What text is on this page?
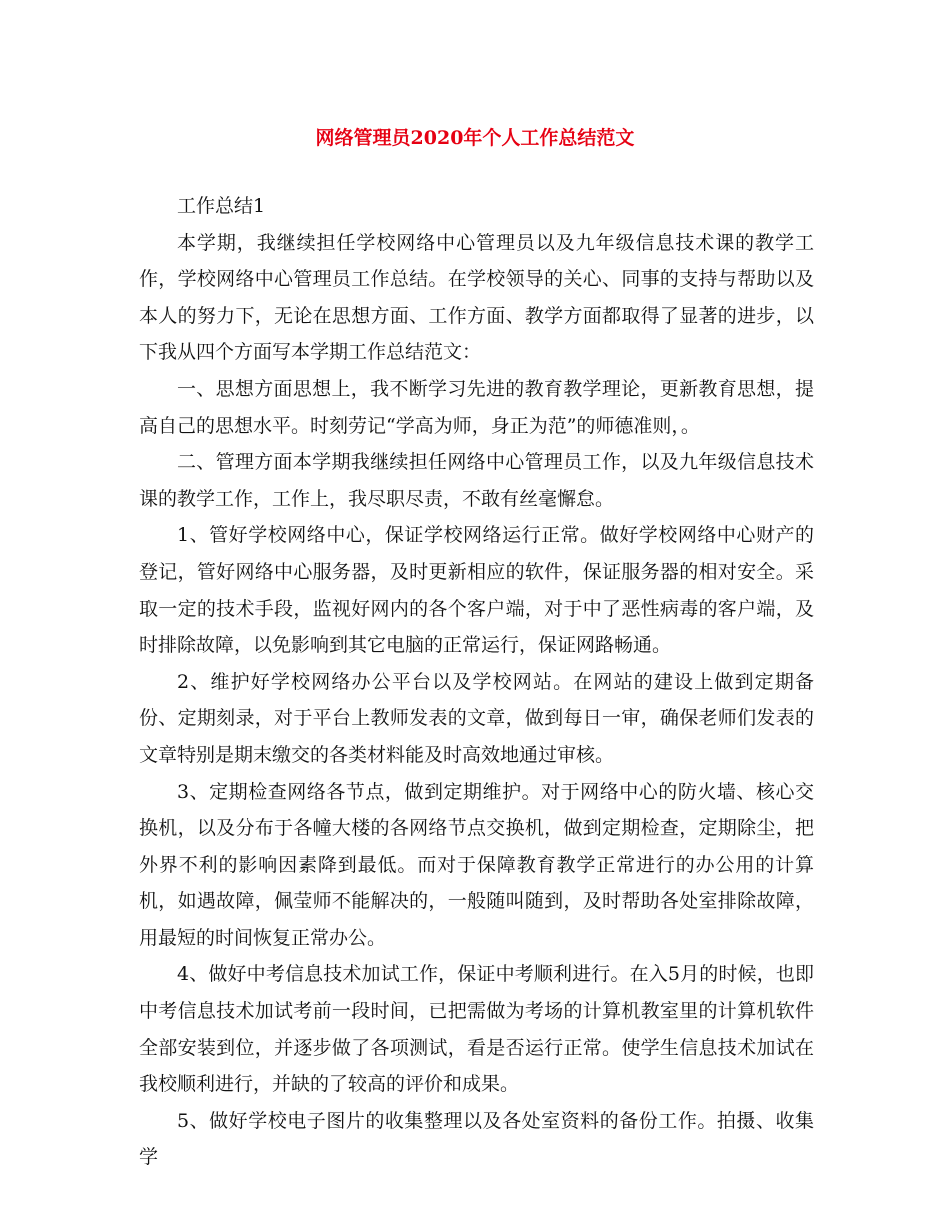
网络管理员2020年个人工作总结范文

工作总结1

本学期，我继续担任学校网络中心管理员以及九年级信息技术课的教学工作，学校网络中心管理员工作总结。在学校领导的关心、同事的支持与帮助以及本人的努力下，无论在思想方面、工作方面、教学方面都取得了显著的进步，以下我从四个方面写本学期工作总结范文：

一、思想方面思想上，我不断学习先进的教育教学理论，更新教育思想，提高自己的思想水平。时刻劳记“学高为师，身正为范”的师德准则，。

二、管理方面本学期我继续担任网络中心管理员工作，以及九年级信息技术课的教学工作，工作上，我尽职尽责，不敢有丝毫懈怠。

1、管好学校网络中心，保证学校网络运行正常。做好学校网络中心财产的登记，管好网络中心服务器，及时更新相应的软件，保证服务器的相对安全。采取一定的技术手段，监视好网内的各个客户端，对于中了恶性病毒的客户端，及时排除故障，以免影响到其它电脑的正常运行，保证网路畅通。

2、维护好学校网络办公平台以及学校网站。在网站的建设上做到定期备份、定期刻录，对于平台上教师发表的文章，做到每日一审，确保老师们发表的文章特别是期末缴交的各类材料能及时高效地通过审核。

3、定期检查网络各节点，做到定期维护。对于网络中心的防火墙、核心交换机，以及分布于各幢大楼的各网络节点交换机，做到定期检查，定期除尘，把外界不利的影响因素降到最低。而对于保障教育教学正常进行的办公用的计算机，如遇故障，佩莹师不能解决的，一般随叫随到，及时帮助各处室排除故障，用最短的时间恢复正常办公。

4、做好中考信息技术加试工作，保证中考顺利进行。在入5月的时候，也即中考信息技术加试考前一段时间，已把需做为考场的计算机教室里的计算机软件全部安装到位，并逐步做了各项测试，看是否运行正常。使学生信息技术加试在我校顺利进行，并缺的了较高的评价和成果。

5、做好学校电子图片的收集整理以及各处室资料的备份工作。拍摄、收集学
